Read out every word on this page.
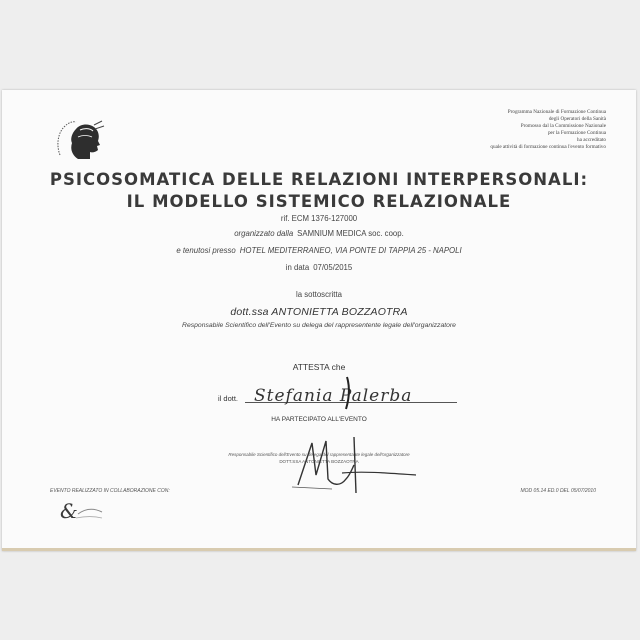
Programma Nazionale di Formazione Continua
degli Operatori della Sanità
Promosso dal la Commissione Nazionale
per la Formazione Continua
ha accreditato
quale attività di formazione continua l'evento formativo
PSICOSOMATICA DELLE RELAZIONI INTERPERSONALI:
IL MODELLO SISTEMICO RELAZIONALE
rif. ECM 1376-127000
organizzato dalla SAMNIUM MEDICA soc. coop.
e tenutosi presso HOTEL MEDITERRANEO, VIA PONTE DI TAPPIA 25 - NAPOLI
in data 07/05/2015
la sottoscritta
dott.ssa ANTONIETTA BOZZAOTRA
Responsabile Scientifico dell'Evento su delega del rappresentente legale dell'organizzatore
ATTESTA che
il dott. Stefania Palerba
HA PARTECIPATO ALL'EVENTO
Responsabile Scientifico dell'Evento su delega del rappresentante legale dell'organizzatore
DOTT.SSA ANTONIETTA BOZZAOTRA
EVENTO REALIZZATO IN COLLABORAZIONE CON:	MOD 05.14 ED.0 DEL 05/07/2010
&
